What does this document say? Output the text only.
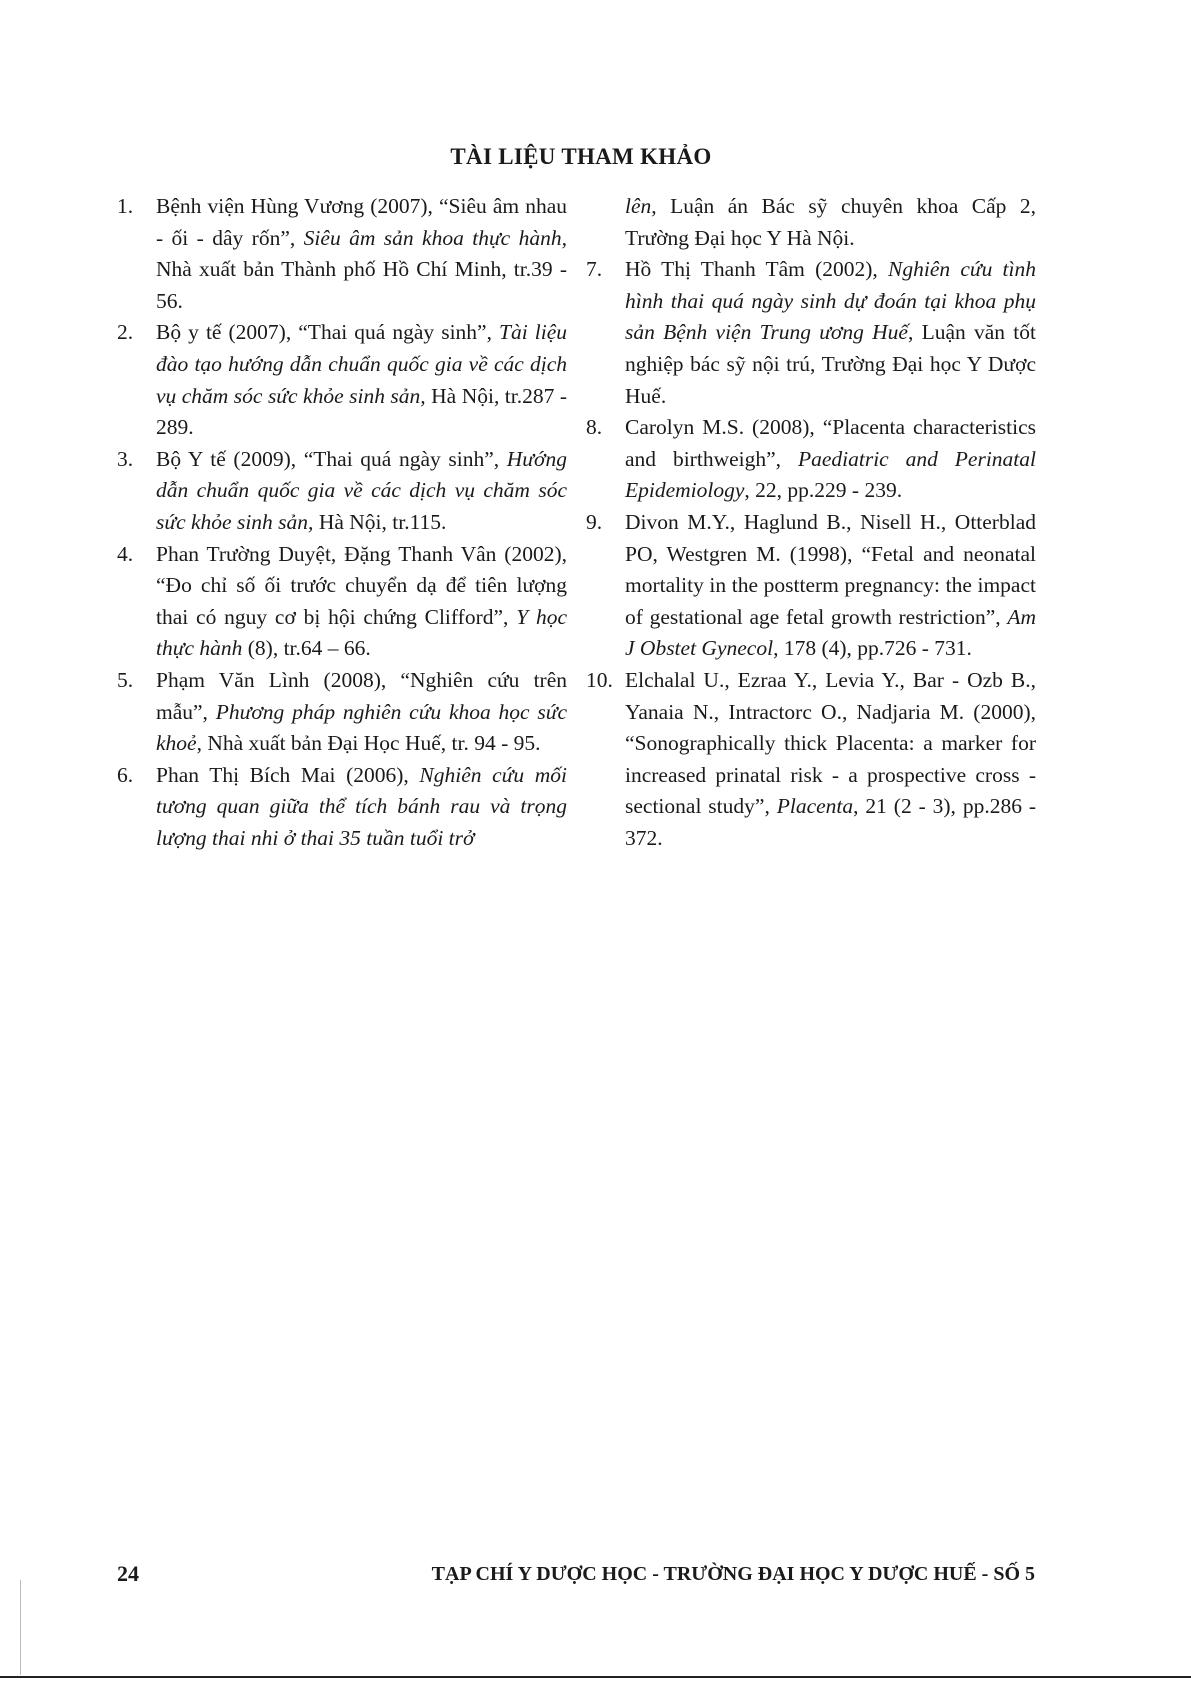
TÀI LIỆU THAM KHẢO
1. Bệnh viện Hùng Vương (2007), “Siêu âm nhau - ối - dây rốn”, Siêu âm sản khoa thực hành, Nhà xuất bản Thành phố Hồ Chí Minh, tr.39 - 56.
2. Bộ y tế (2007), “Thai quá ngày sinh”, Tài liệu đào tạo hướng dẫn chuẩn quốc gia về các dịch vụ chăm sóc sức khỏe sinh sản, Hà Nội, tr.287 - 289.
3. Bộ Y tế (2009), “Thai quá ngày sinh”, Hướng dẫn chuẩn quốc gia về các dịch vụ chăm sóc sức khỏe sinh sản, Hà Nội, tr.115.
4. Phan Trường Duyệt, Đặng Thanh Vân (2002), “Đo chỉ số ối trước chuyển dạ để tiên lượng thai có nguy cơ bị hội chứng Clifford”, Y học thực hành (8), tr.64 – 66.
5. Phạm Văn Lình (2008), “Nghiên cứu trên mẫu”, Phương pháp nghiên cứu khoa học sức khoẻ, Nhà xuất bản Đại Học Huế, tr. 94 - 95.
6. Phan Thị Bích Mai (2006), Nghiên cứu mối tương quan giữa thể tích bánh rau và trọng lượng thai nhi ở thai 35 tuần tuổi trở
lên, Luận án Bác sỹ chuyên khoa Cấp 2, Trường Đại học Y Hà Nội.
7. Hồ Thị Thanh Tâm (2002), Nghiên cứu tình hình thai quá ngày sinh dự đoán tại khoa phụ sản Bệnh viện Trung ương Huế, Luận văn tốt nghiệp bác sỹ nội trú, Trường Đại học Y Dược Huế.
8. Carolyn M.S. (2008), “Placenta characteristics and birthweigh”, Paediatric and Perinatal Epidemiology, 22, pp.229 - 239.
9. Divon M.Y., Haglund B., Nisell H., Otterblad PO, Westgren M. (1998), “Fetal and neonatal mortality in the postterm pregnancy: the impact of gestational age fetal growth restriction”, Am J Obstet Gynecol, 178 (4), pp.726 - 731.
10. Elchalal U., Ezraa Y., Levia Y., Bar - Ozb B., Yanaia N., Intractorc O., Nadjaria M. (2000), “Sonographically thick Placenta: a marker for increased prinatal risk - a prospective cross - sectional study”, Placenta, 21 (2 - 3), pp.286 - 372.
24	TẠP CHÍ Y DƯỢC HỌC - TRƯỜNG ĐẠI HỌC Y DƯỢC HUẾ - SỐ 5
